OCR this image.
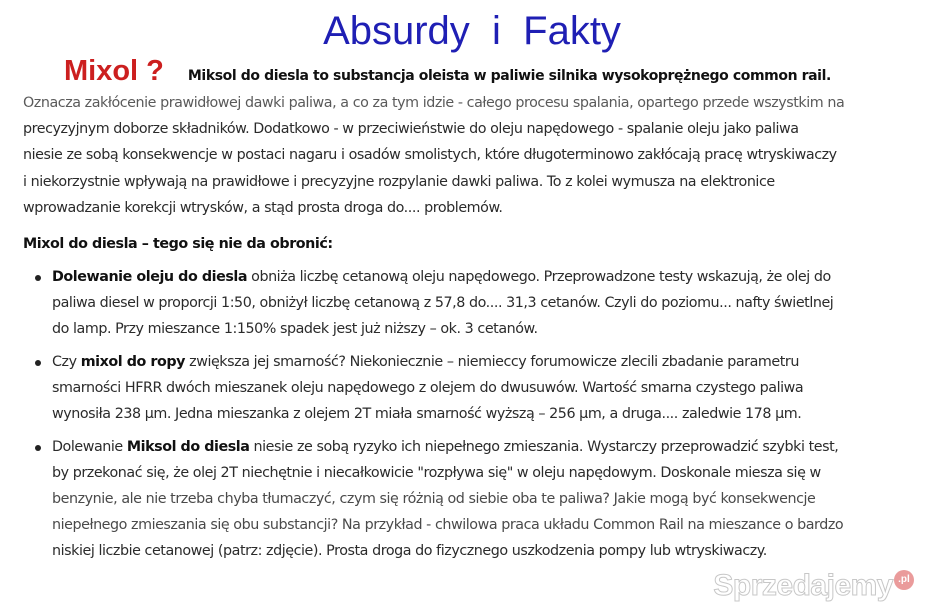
Absurdy  i  Fakty
Mixol ? Miksol do diesla to substancja oleista w paliwie silnika wysokoprężnego common rail.
Oznacza zakłócenie prawidłowej dawki paliwa, a co za tym idzie - całego procesu spalania, opartego przede wszystkim na
precyzyjnym doborze składników. Dodatkowo - w przeciwieństwie do oleju napędowego - spalanie oleju jako paliwa
niesie ze sobą konsekwencje w postaci nagaru i osadów smolistych, które długoterminowo zakłócają pracę wtryskiwaczy
i niekorzystnie wpływają na prawidłowe i precyzyjne rozpylanie dawki paliwa. To z kolei wymusza na elektronice
wprowadzanie korekcji wtrysków, a stąd prosta droga do.... problemów.
Mixol do diesla – tego się nie da obronić:
Dolewanie oleju do diesla obniża liczbę cetanową oleju napędowego. Przeprowadzone testy wskazują, że olej do
paliwa diesel w proporcji 1:50, obniżył liczbę cetanową z 57,8 do.... 31,3 cetanów. Czyli do poziomu... nafty świetlnej
do lamp. Przy mieszance 1:150% spadek jest już niższy – ok. 3 cetanów.
Czy mixol do ropy zwiększa jej smarność? Niekoniecznie – niemieccy forumowicze zlecili zbadanie parametru
smarności HFRR dwóch mieszanek oleju napędowego z olejem do dwusuwów. Wartość smarna czystego paliwa
wynosiła 238 µm. Jedna mieszanka z olejem 2T miała smarność wyższą – 256 µm, a druga.... zaledwie 178 µm.
Dolewanie Miksol do diesla niesie ze sobą ryzyko ich niepełnego zmieszania. Wystarczy przeprowadzić szybki test,
by przekonać się, że olej 2T niechętnie i niecałkowicie "rozpływa się" w oleju napędowym. Doskonale miesza się w
benzynie, ale nie trzeba chyba tłumaczyć, czym się różnią od siebie oba te paliwa? Jakie mogą być konsekwencje
niepełnego zmieszania się obu substancji? Na przykład - chwilowa praca układu Common Rail na mieszance o bardzo
niskiej liczbie cetanowej (patrz: zdjęcie). Prosta droga do fizycznego uszkodzenia pompy lub wtryskiwaczy.
Sprzedajemy .pl
